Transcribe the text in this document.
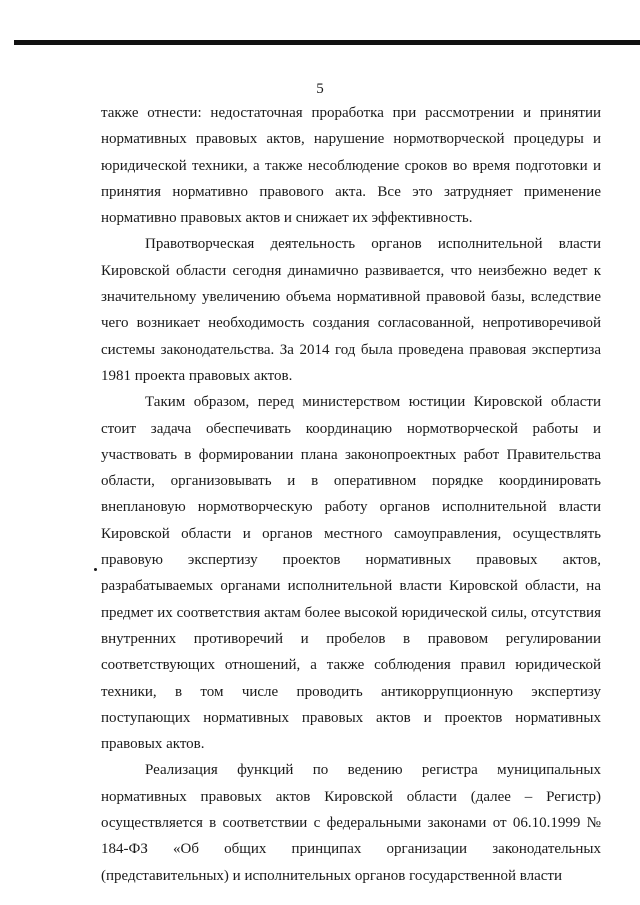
5

также отнести: недостаточная проработка при рассмотрении и принятии нормативных правовых актов, нарушение нормотворческой процедуры и юридической техники, а также несоблюдение сроков во время подготовки и принятия нормативно правового акта. Все это затрудняет применение нормативно правовых актов и снижает их эффективность.

Правотворческая деятельность органов исполнительной власти Кировской области сегодня динамично развивается, что неизбежно ведет к значительному увеличению объема нормативной правовой базы, вследствие чего возникает необходимость создания согласованной, непротиворечивой системы законодательства. За 2014 год была проведена правовая экспертиза 1981 проекта правовых актов.

Таким образом, перед министерством юстиции Кировской области стоит задача обеспечивать координацию нормотворческой работы и участвовать в формировании плана законопроектных работ Правительства области, организовывать и в оперативном порядке координировать внеплановую нормотворческую работу органов исполнительной власти Кировской области и органов местного самоуправления, осуществлять правовую экспертизу проектов нормативных правовых актов, разрабатываемых органами исполнительной власти Кировской области, на предмет их соответствия актам более высокой юридической силы, отсутствия внутренних противоречий и пробелов в правовом регулировании соответствующих отношений, а также соблюдения правил юридической техники, в том числе проводить антикоррупционную экспертизу поступающих нормативных правовых актов и проектов нормативных правовых актов.

Реализация функций по ведению регистра муниципальных нормативных правовых актов Кировской области (далее – Регистр) осуществляется в соответствии с федеральными законами от 06.10.1999 № 184-ФЗ «Об общих принципах организации законодательных (представительных) и исполнительных органов государственной власти
